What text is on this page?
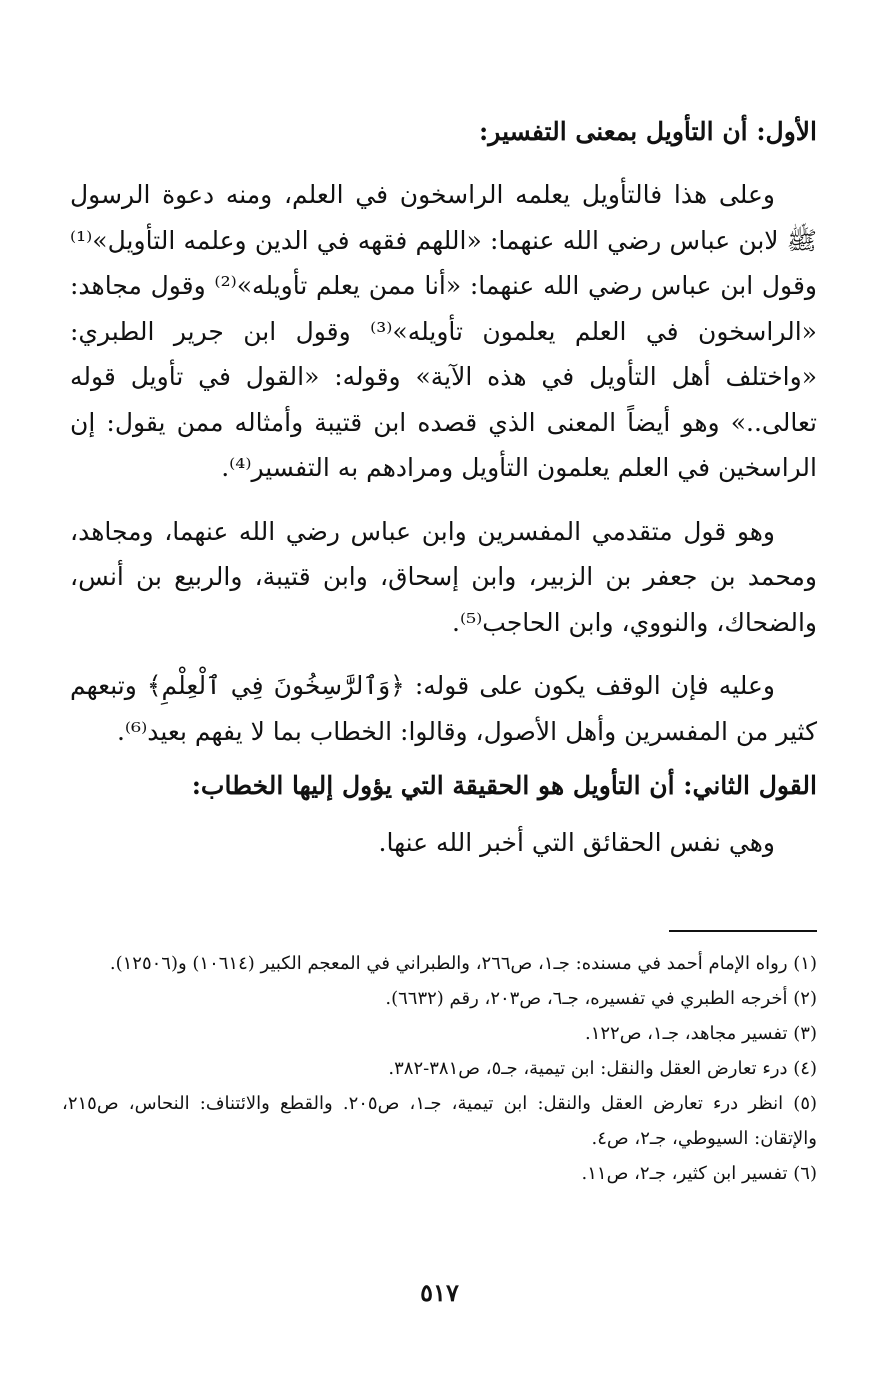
الأول: أن التأويل بمعنى التفسير:

وعلى هذا فالتأويل يعلمه الراسخون في العلم، ومنه دعوة الرسول ﷺ لابن عباس رضي الله عنهما: «اللهم فقهه في الدين وعلمه التأويل»⁽¹⁾ وقول ابن عباس رضي الله عنهما: «أنا ممن يعلم تأويله»⁽²⁾ وقول مجاهد: «الراسخون في العلم يعلمون تأويله»⁽³⁾ وقول ابن جرير الطبري: «واختلف أهل التأويل في هذه الآية» وقوله: «القول في تأويل قوله تعالى..» وهو أيضاً المعنى الذي قصده ابن قتيبة وأمثاله ممن يقول: إن الراسخين في العلم يعلمون التأويل ومرادهم به التفسير⁽⁴⁾.

وهو قول متقدمي المفسرين وابن عباس رضي الله عنهما، ومجاهد، ومحمد بن جعفر بن الزبير، وابن إسحاق، وابن قتيبة، والربيع بن أنس، والضحاك، والنووي، وابن الحاجب⁽⁵⁾.

وعليه فإن الوقف يكون على قوله: ﴿وَٱلرَّٰسِخُونَ فِي ٱلْعِلْمِ﴾ وتبعهم كثير من المفسرين وأهل الأصول، وقالوا: الخطاب بما لا يفهم بعيد⁽⁶⁾.

القول الثاني: أن التأويل هو الحقيقة التي يؤول إليها الخطاب:

وهي نفس الحقائق التي أخبر الله عنها.

(١) رواه الإمام أحمد في مسنده: جـ١، ص٢٦٦، والطبراني في المعجم الكبير (١٠٦١٤) و(١٢٥٠٦).

(٢) أخرجه الطبري في تفسيره، جـ٦، ص٢٠٣، رقم (٦٦٣٢).

(٣) تفسير مجاهد، جـ١، ص١٢٢.

(٤) درء تعارض العقل والنقل: ابن تيمية، جـ٥، ص٣٨١-٣٨٢.

(٥) انظر درء تعارض العقل والنقل: ابن تيمية، جـ١، ص٢٠٥. والقطع والائتناف: النحاس، ص٢١٥، والإتقان: السيوطي، جـ٢، ص٤.

(٦) تفسير ابن كثير، جـ٢، ص١١.

٥١٧
